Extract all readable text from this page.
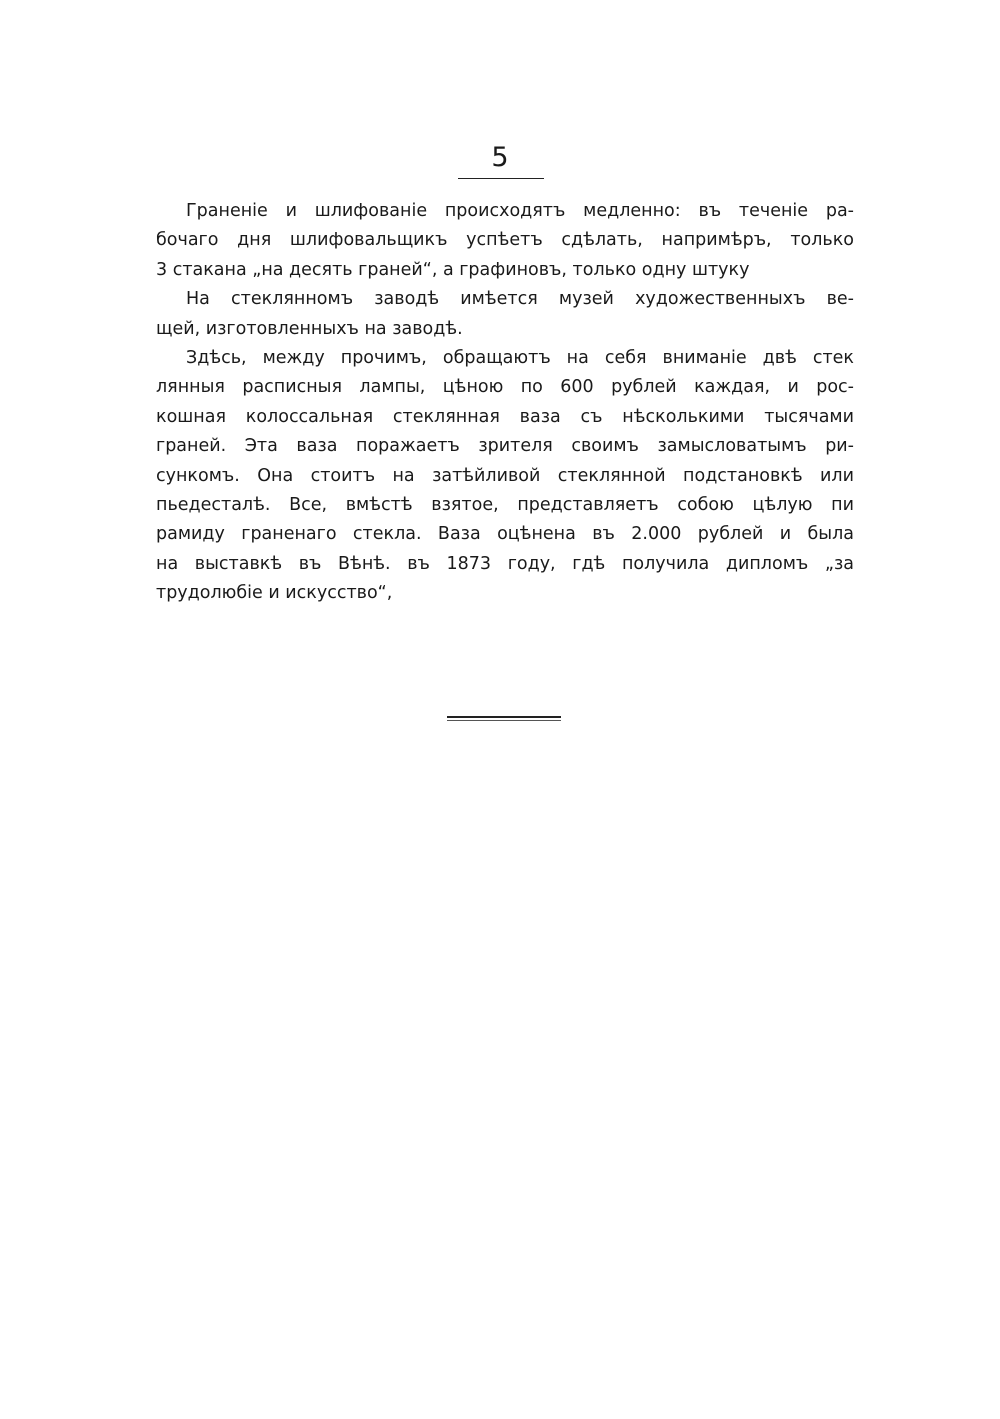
5
Граненіе и шлифованіе происходятъ медленно: въ теченіе ра-
бочаго дня шлифовальщикъ успѣетъ сдѣлать, напримѣръ, только
3 стакана „на десять граней“, а графиновъ, только одну штуку
На стеклянномъ заводѣ имѣется музей художественныхъ ве-
щей, изготовленныхъ на заводѣ.
Здѣсь, между прочимъ, обращаютъ на себя вниманіе двѣ стек
лянныя расписныя лампы, цѣною по 600 рублей каждая, и рос-
кошная колоссальная стеклянная ваза съ нѣсколькими тысячами
граней. Эта ваза поражаетъ зрителя своимъ замысловатымъ ри-
сункомъ. Она стоитъ на затѣйливой стеклянной подстановкѣ или
пьедесталѣ. Все, вмѣстѣ взятое, представляетъ собою цѣлую пи
рамиду граненаго стекла. Ваза оцѣнена въ 2.000 рублей и была
на выставкѣ въ Вѣнѣ. въ 1873 году, гдѣ получила дипломъ „за
трудолюбіе и искусство“,
